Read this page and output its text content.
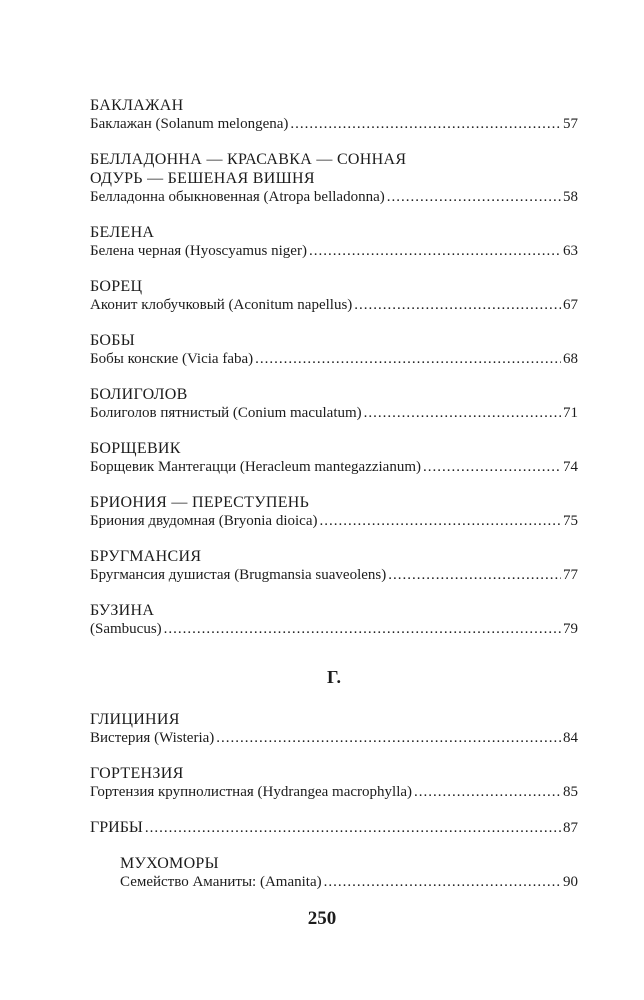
БАКЛАЖАН
Баклажан (Solanum melongena) .....	57
БЕЛЛАДОННА — КРАСАВКА — СОННАЯ ОДУРЬ — БЕШЕНАЯ ВИШНЯ
Белладонна обыкновенная (Atropa belladonna) .....	58
БЕЛЕНА
Белена черная (Hyoscyamus niger) .....	63
БОРЕЦ
Аконит клобучковый (Aconitum napellus) .....	67
БОБЫ
Бобы конские (Vicia faba) .....	68
БОЛИГОЛОВ
Болиголов пятнистый (Conium maculatum) .....	71
БОРЩЕВИК
Борщевик Мантегацци (Heracleum mantegazzianum) .....	74
БРИОНИЯ — ПЕРЕСТУПЕНЬ
Бриония двудомная (Bryonia dioica) .....	75
БРУГМАНСИЯ
Бругмансия душистая (Brugmansia suaveolens) .....	77
БУЗИНА
(Sambucus) .....	79
Г.
ГЛИЦИНИЯ
Вистерия (Wisteria) .....	84
ГОРТЕНЗИЯ
Гортензия крупнолистная (Hydrangea macrophylla) .....	85
ГРИБЫ .....	87
МУХОМОРЫ
Семейство Аманиты: (Amanita) .....	90
250
